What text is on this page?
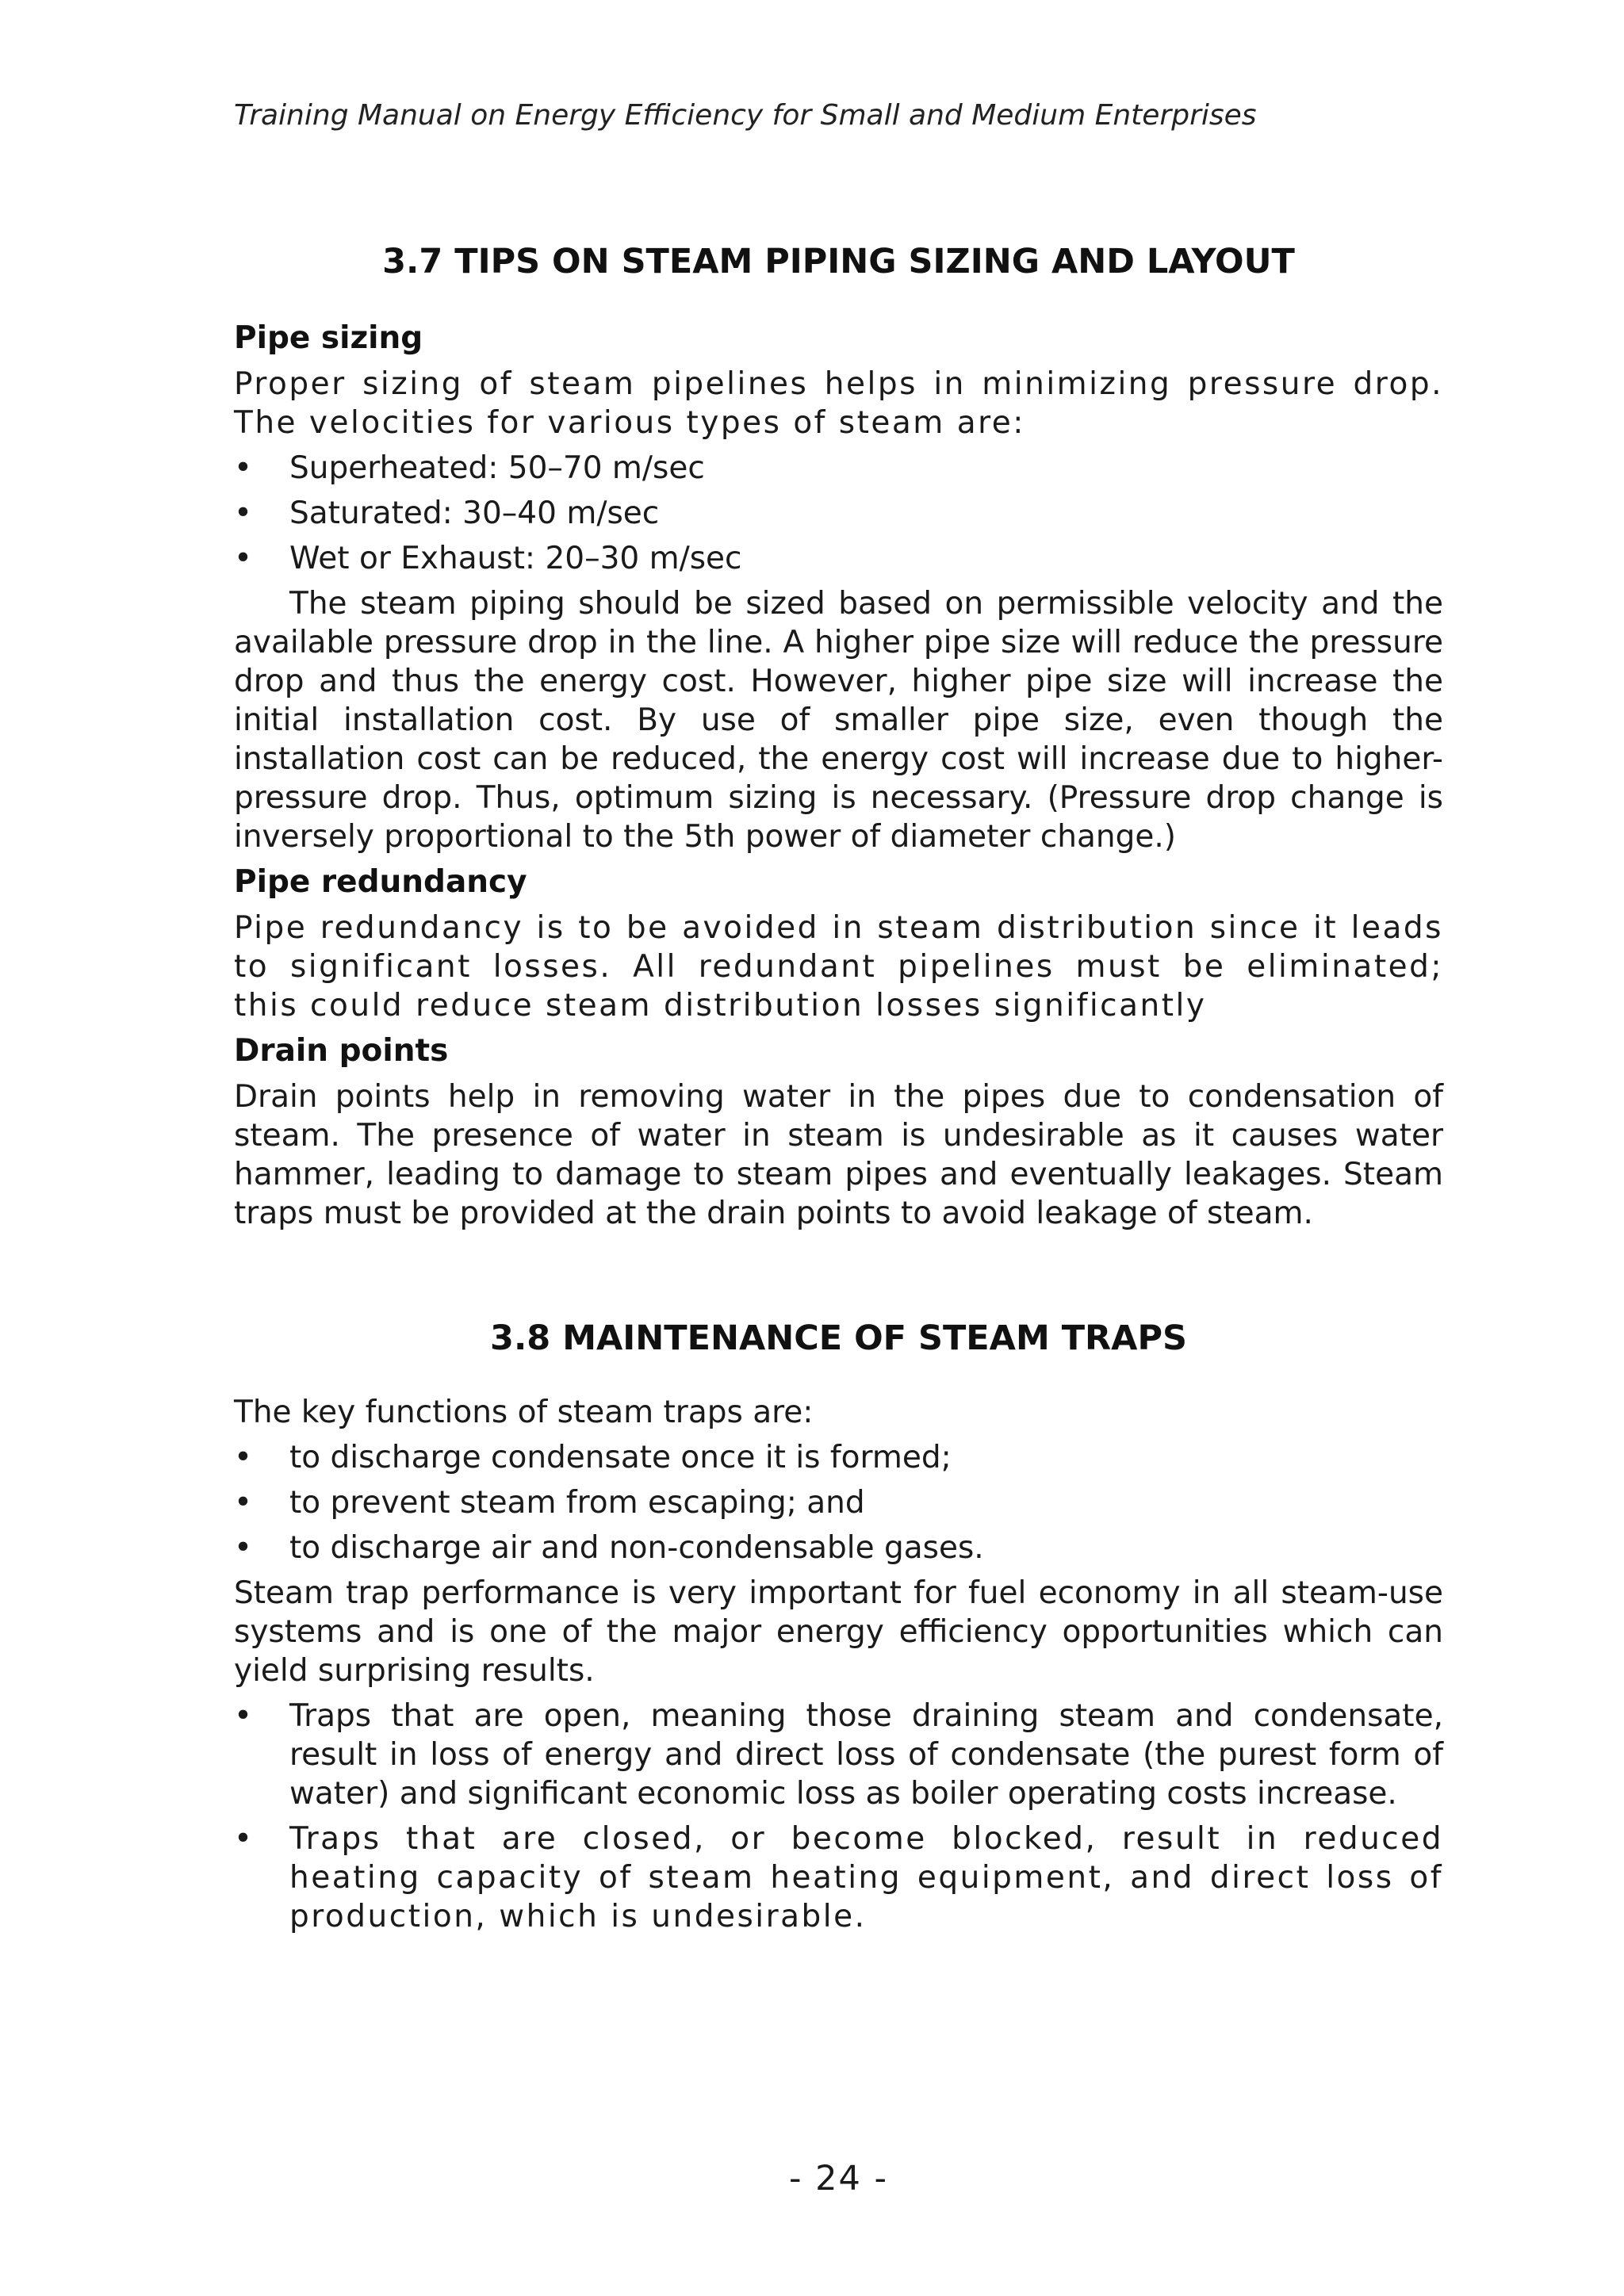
Training Manual on Energy Efficiency for Small and Medium Enterprises
3.7 TIPS ON STEAM PIPING SIZING AND LAYOUT
Pipe sizing

Proper sizing of steam pipelines helps in minimizing pressure drop. The velocities for various types of steam are:

•	Superheated: 50–70 m/sec
•	Saturated: 30–40 m/sec
•	Wet or Exhaust: 20–30 m/sec

The steam piping should be sized based on permissible velocity and the available pressure drop in the line. A higher pipe size will reduce the pressure drop and thus the energy cost. However, higher pipe size will increase the initial installation cost. By use of smaller pipe size, even though the installation cost can be reduced, the energy cost will increase due to higher-pressure drop. Thus, optimum sizing is necessary. (Pressure drop change is inversely proportional to the 5th power of diameter change.)

Pipe redundancy

Pipe redundancy is to be avoided in steam distribution since it leads to significant losses. All redundant pipelines must be eliminated; this could reduce steam distribution losses significantly

Drain points

Drain points help in removing water in the pipes due to condensation of steam. The presence of water in steam is undesirable as it causes water hammer, leading to damage to steam pipes and eventually leakages. Steam traps must be provided at the drain points to avoid leakage of steam.

3.8 MAINTENANCE OF STEAM TRAPS

The key functions of steam traps are:

•	to discharge condensate once it is formed;
•	to prevent steam from escaping; and
•	to discharge air and non-condensable gases.

Steam trap performance is very important for fuel economy in all steam-use systems and is one of the major energy efficiency opportunities which can yield surprising results.

•	Traps that are open, meaning those draining steam and condensate, result in loss of energy and direct loss of condensate (the purest form of water) and significant economic loss as boiler operating costs increase.
•	Traps that are closed, or become blocked, result in reduced heating capacity of steam heating equipment, and direct loss of production, which is undesirable.
- 24 -
